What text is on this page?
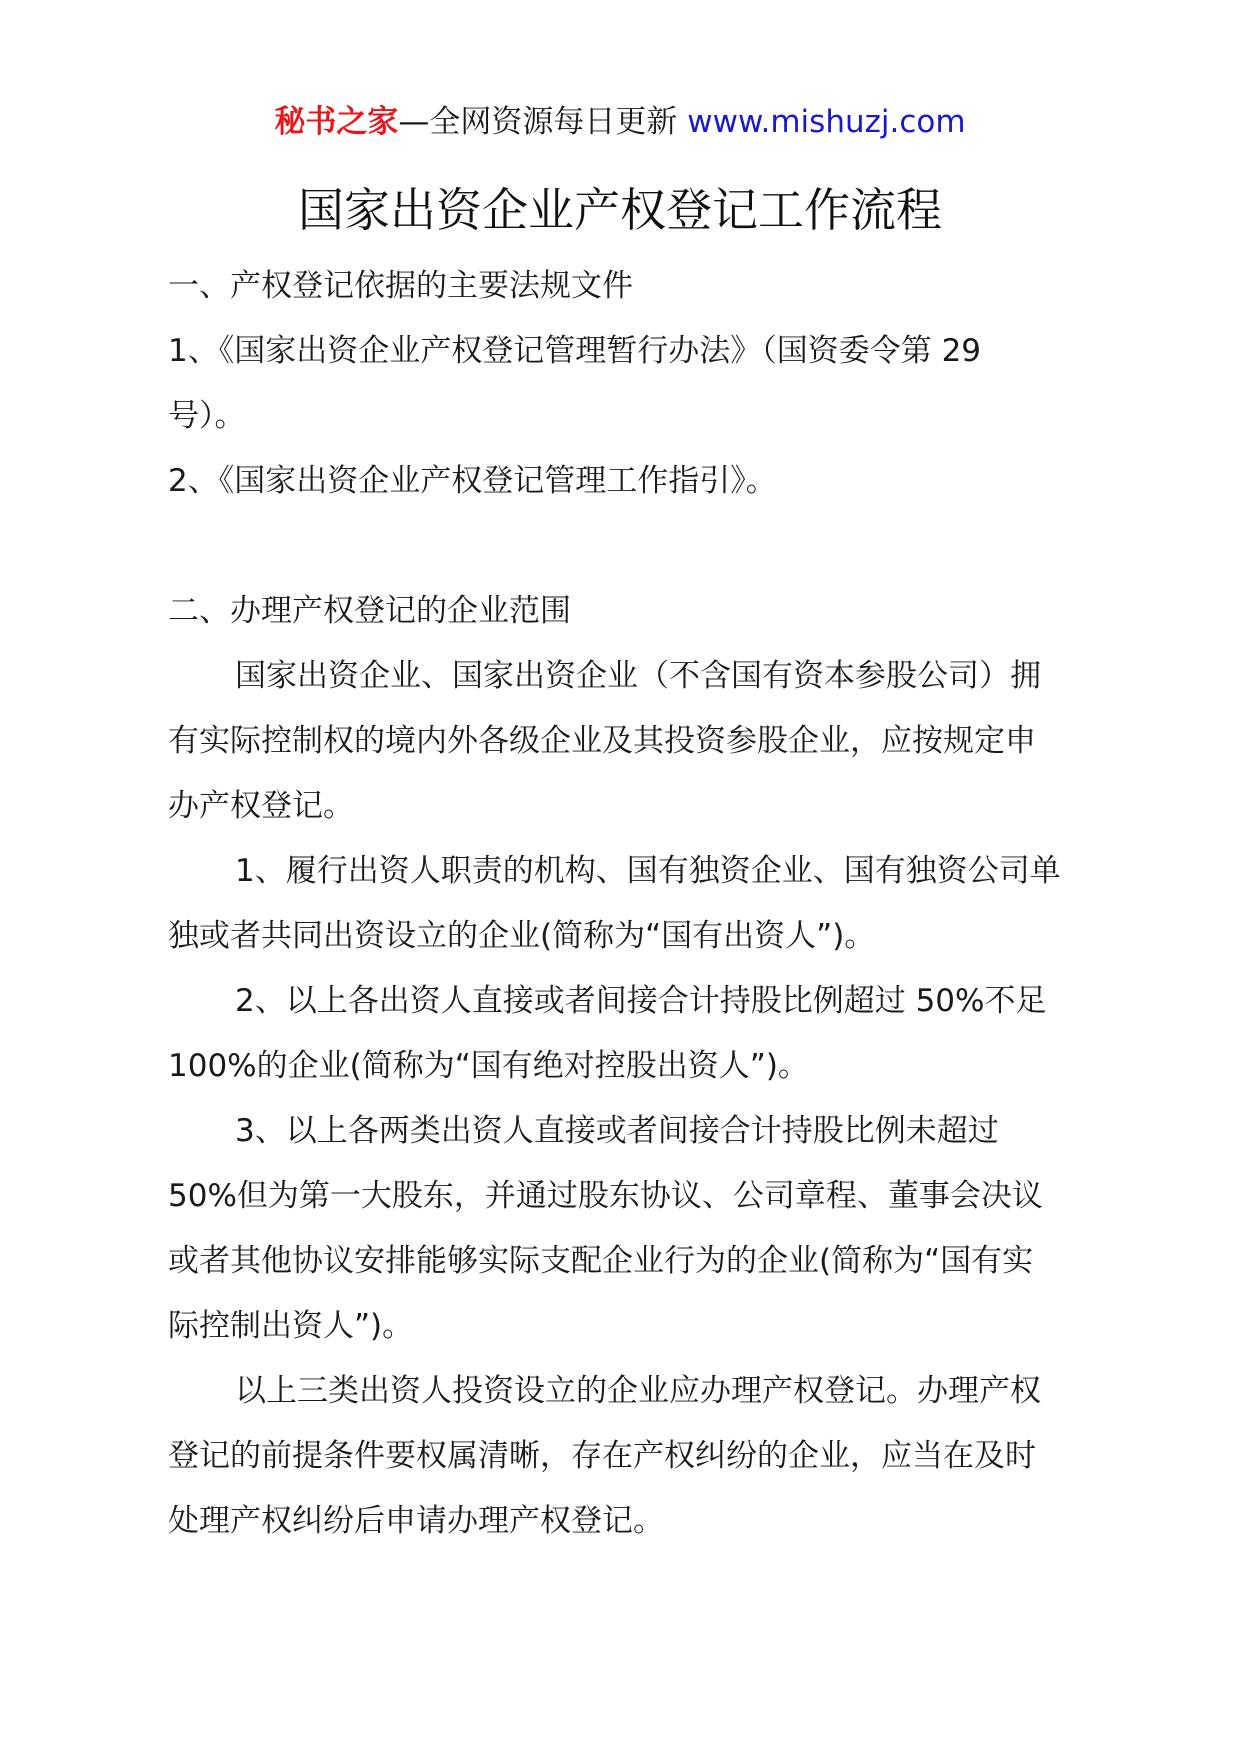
秘书之家—全网资源每日更新 www.mishuzj.com
国家出资企业产权登记工作流程
一、产权登记依据的主要法规文件
1、《国家出资企业产权登记管理暂行办法》（国资委令第 29
号）。
2、《国家出资企业产权登记管理工作指引》。
二、办理产权登记的企业范围
国家出资企业、国家出资企业（不含国有资本参股公司）拥
有实际控制权的境内外各级企业及其投资参股企业，应按规定申
办产权登记。
1、履行出资人职责的机构、国有独资企业、国有独资公司单
独或者共同出资设立的企业(简称为“国有出资人”)。
2、以上各出资人直接或者间接合计持股比例超过 50%不足
100%的企业(简称为“国有绝对控股出资人”)。
3、以上各两类出资人直接或者间接合计持股比例未超过
50%但为第一大股东，并通过股东协议、公司章程、董事会决议
或者其他协议安排能够实际支配企业行为的企业(简称为“国有实
际控制出资人”)。
以上三类出资人投资设立的企业应办理产权登记。办理产权
登记的前提条件要权属清晰，存在产权纠纷的企业，应当在及时
处理产权纠纷后申请办理产权登记。
